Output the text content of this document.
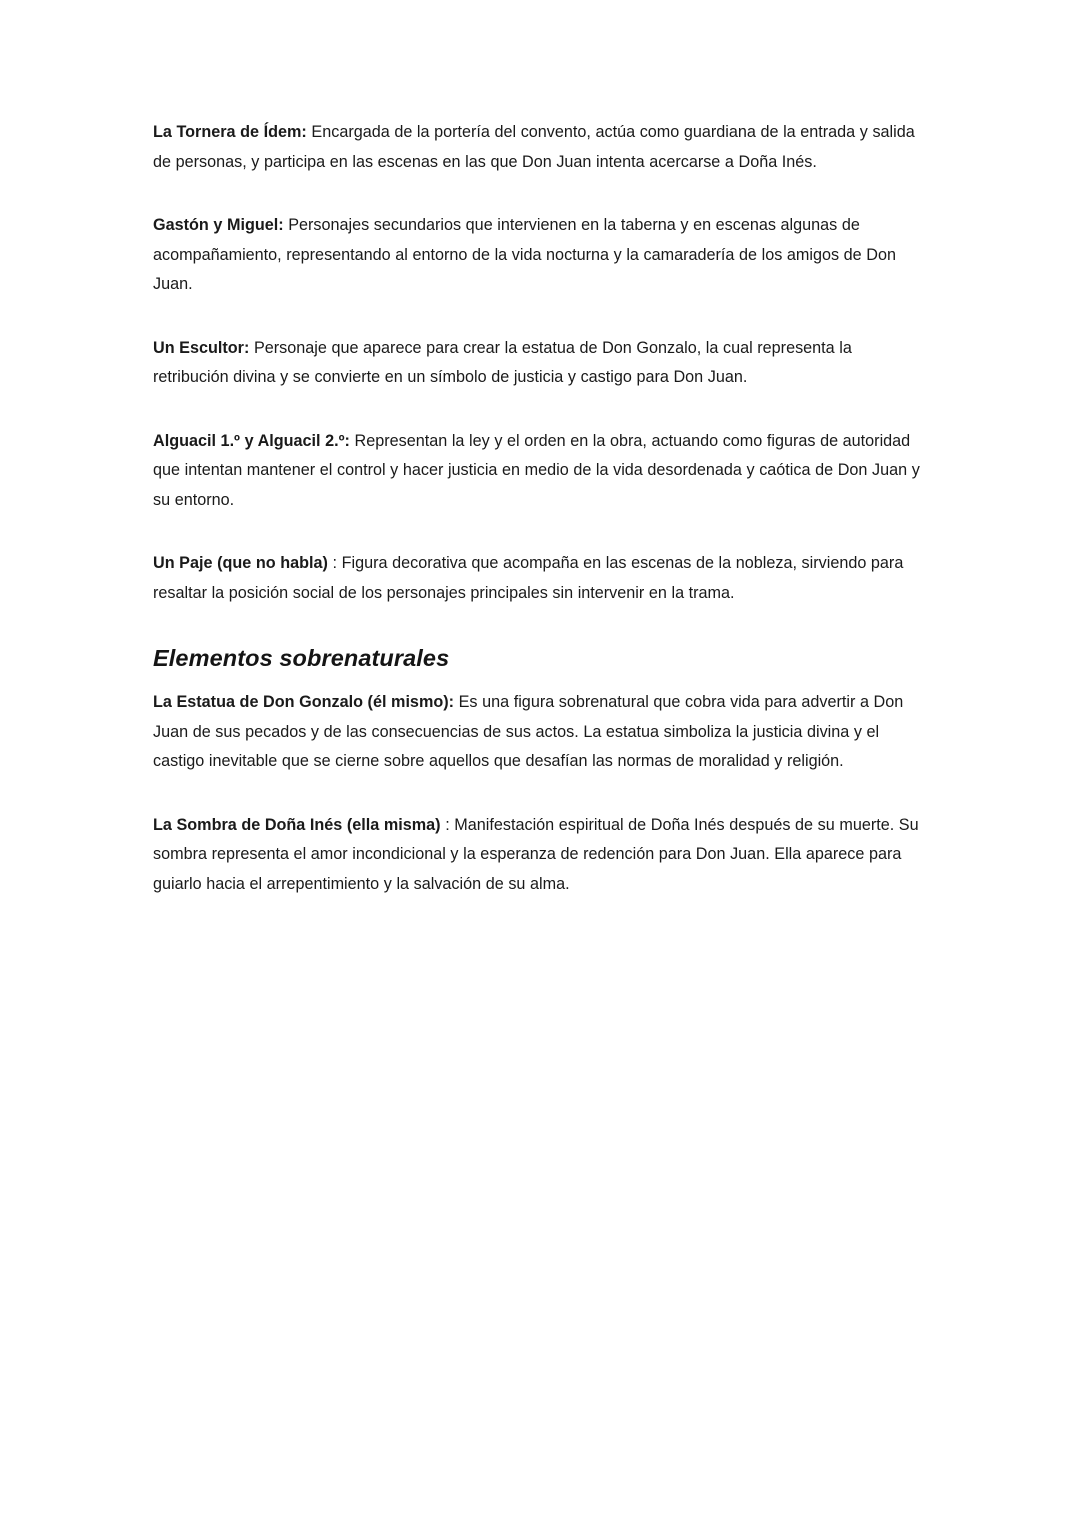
La Tornera de Ídem: Encargada de la portería del convento, actúa como guardiana de la entrada y salida de personas, y participa en las escenas en las que Don Juan intenta acercarse a Doña Inés.

Gastón y Miguel: Personajes secundarios que intervienen en la taberna y en escenas algunas de acompañamiento, representando al entorno de la vida nocturna y la camaradería de los amigos de Don Juan.

Un Escultor: Personaje que aparece para crear la estatua de Don Gonzalo, la cual representa la retribución divina y se convierte en un símbolo de justicia y castigo para Don Juan.

Alguacil 1.º y Alguacil 2.º: Representan la ley y el orden en la obra, actuando como figuras de autoridad que intentan mantener el control y hacer justicia en medio de la vida desordenada y caótica de Don Juan y su entorno.

Un Paje (que no habla) : Figura decorativa que acompaña en las escenas de la nobleza, sirviendo para resaltar la posición social de los personajes principales sin intervenir en la trama.

Elementos sobrenaturales

La Estatua de Don Gonzalo (él mismo): Es una figura sobrenatural que cobra vida para advertir a Don Juan de sus pecados y de las consecuencias de sus actos. La estatua simboliza la justicia divina y el castigo inevitable que se cierne sobre aquellos que desafían las normas de moralidad y religión.

La Sombra de Doña Inés (ella misma) : Manifestación espiritual de Doña Inés después de su muerte. Su sombra representa el amor incondicional y la esperanza de redención para Don Juan. Ella aparece para guiarlo hacia el arrepentimiento y la salvación de su alma.
